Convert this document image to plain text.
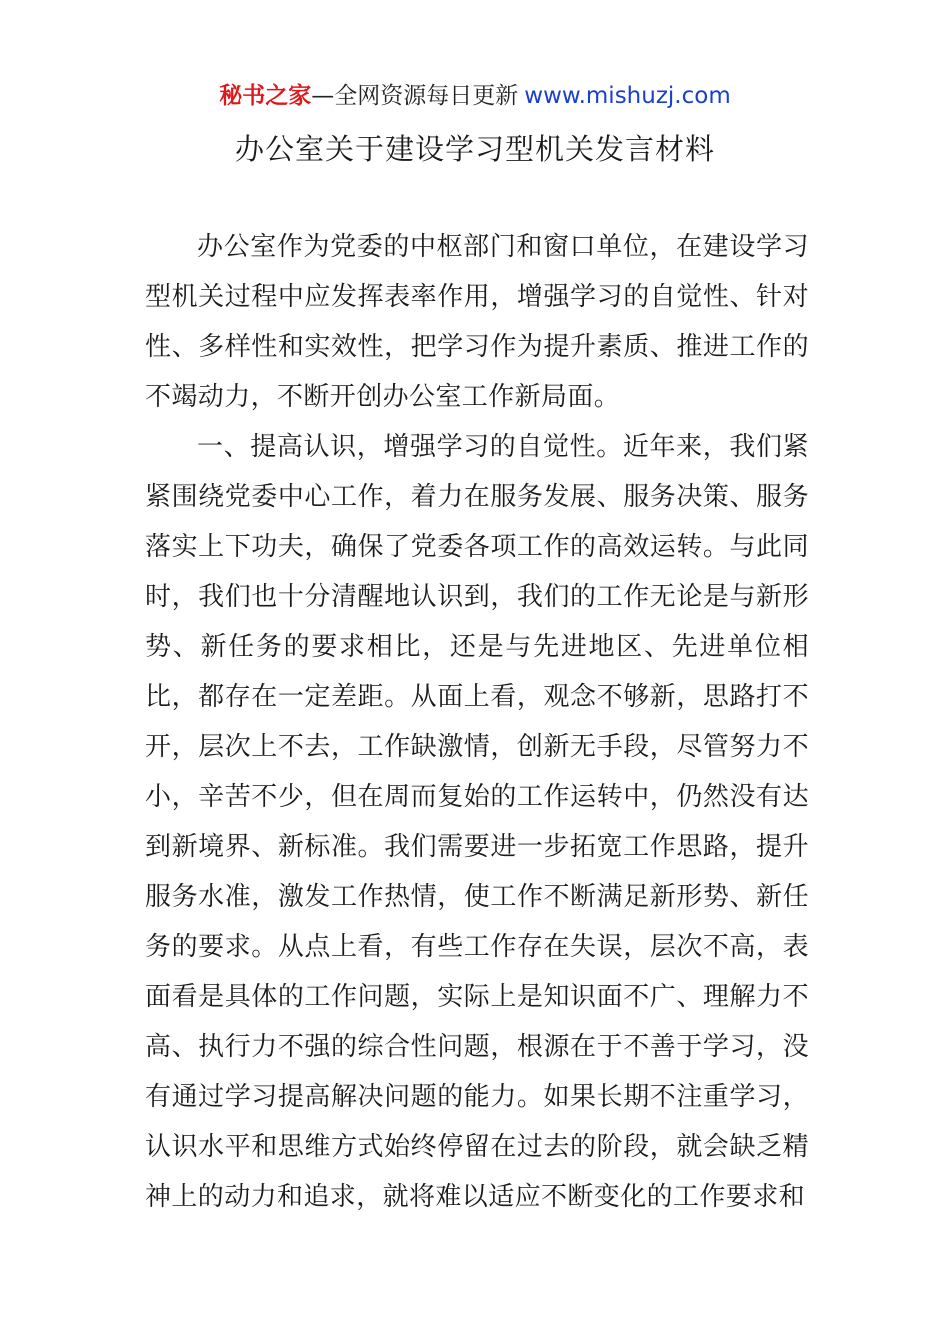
秘书之家—全网资源每日更新 www.mishuzj.com
办公室关于建设学习型机关发言材料

办公室作为党委的中枢部门和窗口单位，在建设学习型机关过程中应发挥表率作用，增强学习的自觉性、针对性、多样性和实效性，把学习作为提升素质、推进工作的不竭动力，不断开创办公室工作新局面。

一、提高认识，增强学习的自觉性。近年来，我们紧紧围绕党委中心工作，着力在服务发展、服务决策、服务落实上下功夫，确保了党委各项工作的高效运转。与此同时，我们也十分清醒地认识到，我们的工作无论是与新形势、新任务的要求相比，还是与先进地区、先进单位相比，都存在一定差距。从面上看，观念不够新，思路打不开，层次上不去，工作缺激情，创新无手段，尽管努力不小，辛苦不少，但在周而复始的工作运转中，仍然没有达到新境界、新标准。我们需要进一步拓宽工作思路，提升服务水准，激发工作热情，使工作不断满足新形势、新任务的要求。从点上看，有些工作存在失误，层次不高，表面看是具体的工作问题，实际上是知识面不广、理解力不高、执行力不强的综合性问题，根源在于不善于学习，没有通过学习提高解决问题的能力。如果长期不注重学习，认识水平和思维方式始终停留在过去的阶段，就会缺乏精神上的动力和追求，就将难以适应不断变化的工作要求和
